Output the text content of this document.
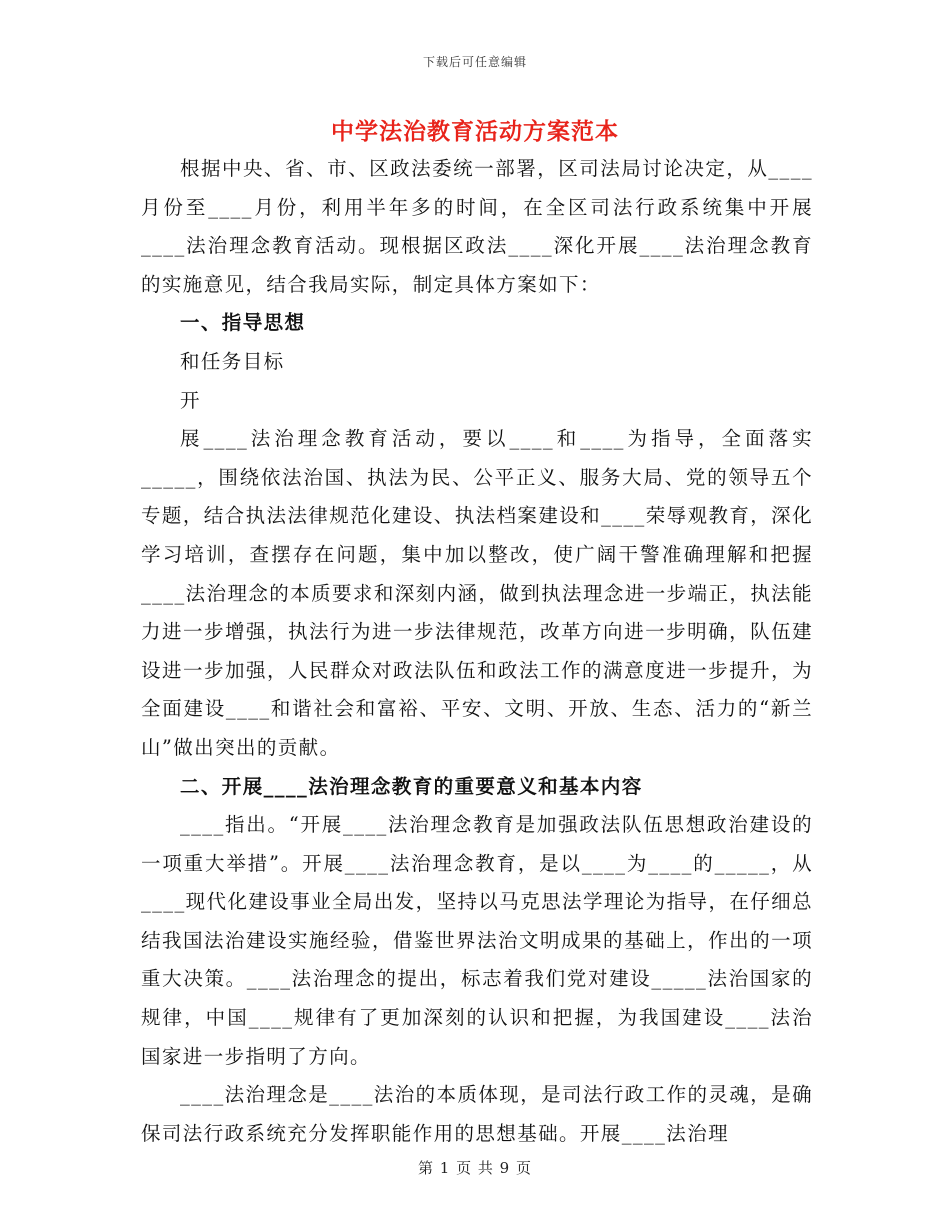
下载后可任意编辑
中学法治教育活动方案范本

根据中央、省、市、区政法委统一部署，区司法局讨论决定，从____月份至____月份，利用半年多的时间，在全区司法行政系统集中开展____法治理念教育活动。现根据区政法____深化开展____法治理念教育的实施意见，结合我局实际，制定具体方案如下：

一、指导思想

和任务目标

开

展____法治理念教育活动，要以____和____为指导，全面落实_____，围绕依法治国、执法为民、公平正义、服务大局、党的领导五个专题，结合执法法律规范化建设、执法档案建设和____荣辱观教育，深化学习培训，查摆存在问题，集中加以整改，使广阔干警准确理解和把握____法治理念的本质要求和深刻内涵，做到执法理念进一步端正，执法能力进一步增强，执法行为进一步法律规范，改革方向进一步明确，队伍建设进一步加强，人民群众对政法队伍和政法工作的满意度进一步提升，为全面建设____和谐社会和富裕、平安、文明、开放、生态、活力的“新兰山”做出突出的贡献。

二、开展____法治理念教育的重要意义和基本内容

____指出。“开展____法治理念教育是加强政法队伍思想政治建设的一项重大举措”。开展____法治理念教育，是以____为____的_____，从____现代化建设事业全局出发，坚持以马克思法学理论为指导，在仔细总结我国法治建设实施经验，借鉴世界法治文明成果的基础上，作出的一项重大决策。____法治理念的提出，标志着我们党对建设_____法治国家的规律，中国____规律有了更加深刻的认识和把握，为我国建设____法治国家进一步指明了方向。

____法治理念是____法治的本质体现，是司法行政工作的灵魂，是确保司法行政系统充分发挥职能作用的思想基础。开展____法治理

第 1 页 共 9 页
